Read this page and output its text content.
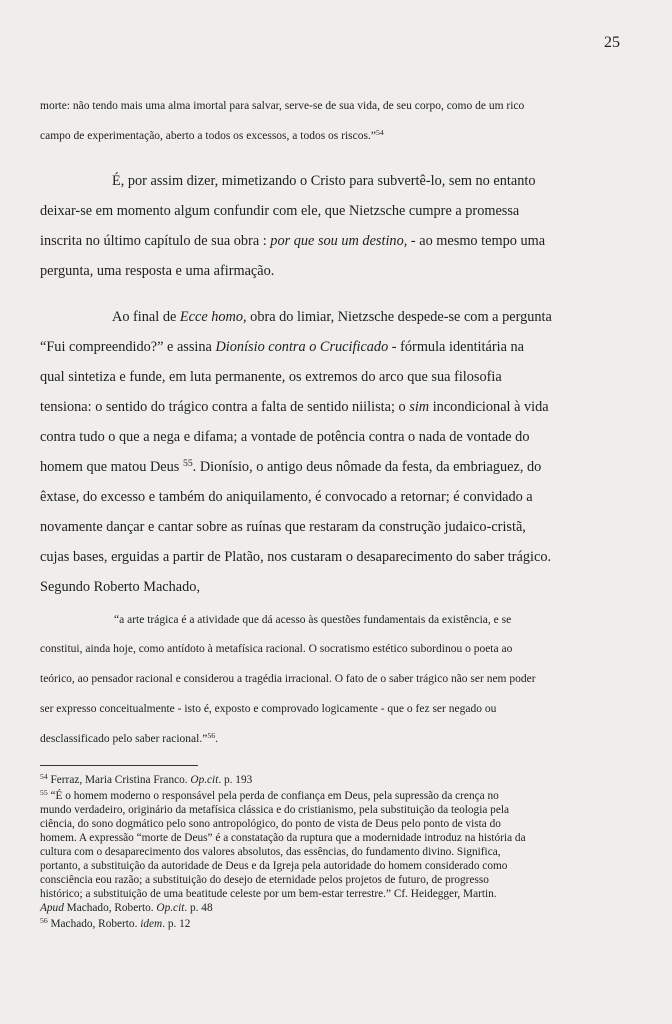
25
morte: não tendo mais uma alma imortal para salvar, serve-se de sua vida, de seu corpo, como de um rico
campo de experimentação, aberto a todos os excessos, a todos os riscos.”$^{54}$
É, por assim dizer, mimetizando o Cristo para subvertê-lo, sem no entanto
deixar-se em momento algum confundir com ele, que Nietzsche cumpre a promessa
inscrita no último capítulo de sua obra : por que sou um destino, - ao mesmo tempo uma
pergunta, uma resposta e uma afirmação.
Ao final de Ecce homo, obra do limiar, Nietzsche despede-se com a pergunta
“Fui compreendido?” e assina Dionísio contra o Crucificado - fórmula identitária na
qual sintetiza e funde, em luta permanente, os extremos do arco que sua filosofia
tensiona: o sentido do trágico contra a falta de sentido niilista; o sim incondicional à vida
contra tudo o que a nega e difama; a vontade de potência contra o nada de vontade do
homem que matou Deus $^{55}$. Dionísio, o antigo deus nômade da festa, da embriaguez, do
êxtase, do excesso e também do aniquilamento, é convocado a retornar; é convidado a
novamente dançar e cantar sobre as ruínas que restaram da construção judaico-cristã,
cujas bases, erguidas a partir de Platão, nos custaram o desaparecimento do saber trágico.
Segundo Roberto Machado,
“a arte trágica é a atividade que dá acesso às questões fundamentais da existência, e se
constitui, ainda hoje, como antídoto à metafísica racional. O socratismo estético subordinou o poeta ao
teórico, ao pensador racional e considerou a tragédia irracional. O fato de o saber trágico não ser nem poder
ser expresso conceitualmente - isto é, exposto e comprovado logicamente - que o fez ser negado ou
desclassificado pelo saber racional.”$^{56}$.
$^{54}$ Ferraz, Maria Cristina Franco. Op.cit. p. 193
$^{55}$ “É o homem moderno o responsável pela perda de confiança em Deus, pela supressão da crença no
mundo verdadeiro, originário da metafísica clássica e do cristianismo, pela substituição da teologia pela
ciência, do sono dogmático pelo sono antropológico, do ponto de vista de Deus pelo ponto de vista do
homem. A expressão “morte de Deus” é a constatação da ruptura que a modernidade introduz na história da
cultura com o desaparecimento dos valores absolutos, das essências, do fundamento divino. Significa,
portanto, a substituição da autoridade de Deus e da Igreja pela autoridade do homem considerado como
consciência eou razão; a substituição do desejo de eternidade pelos projetos de futuro, de progresso
histórico; a substituição de uma beatitude celeste por um bem-estar terrestre.” Cf. Heidegger, Martin.
Apud Machado, Roberto. Op.cit. p. 48
$^{56}$ Machado, Roberto. idem. p. 12
